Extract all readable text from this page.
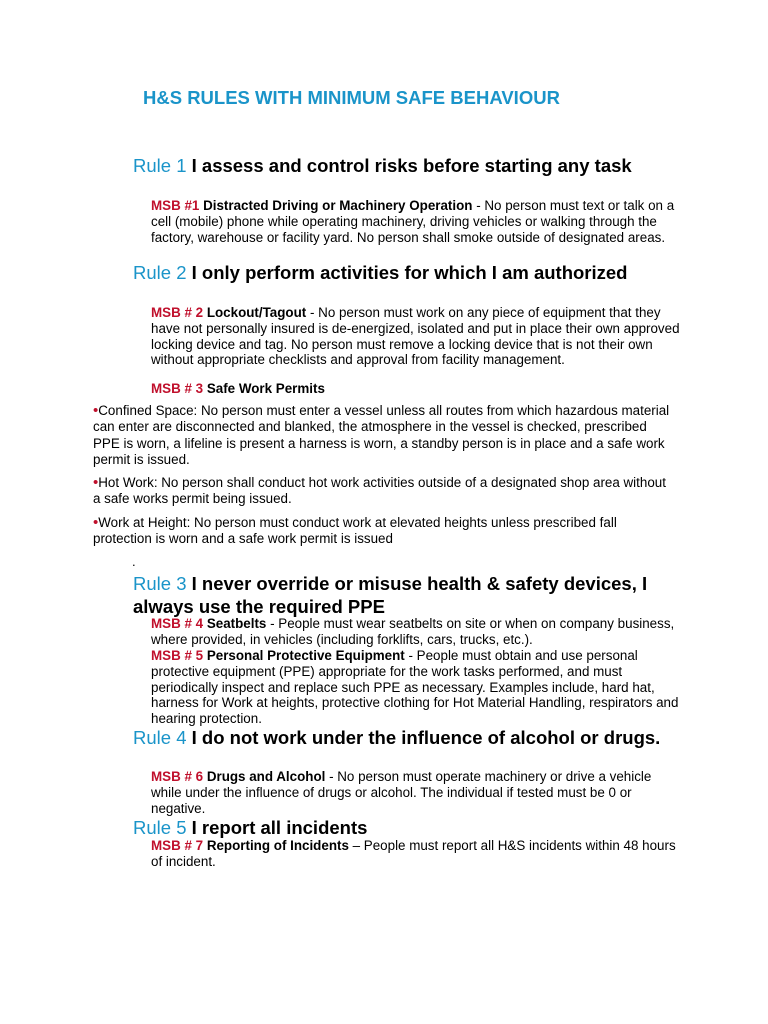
H&S RULES WITH MINIMUM SAFE BEHAVIOUR
Rule 1 I assess and control risks before starting any task
MSB #1 Distracted Driving or Machinery Operation - No person must text or talk on a cell (mobile) phone while operating machinery, driving vehicles or walking through the factory, warehouse or facility yard. No person shall smoke outside of designated areas.
Rule 2 I only perform activities for which I am authorized
MSB # 2 Lockout/Tagout - No person must work on any piece of equipment that they have not personally insured is de-energized, isolated and put in place their own approved locking device and tag. No person must remove a locking device that is not their own without appropriate checklists and approval from facility management.
MSB # 3 Safe Work Permits
•Confined Space: No person must enter a vessel unless all routes from which hazardous material can enter are disconnected and blanked, the atmosphere in the vessel is checked, prescribed PPE is worn, a lifeline is present a harness is worn, a standby person is in place and a safe work permit is issued.
•Hot Work: No person shall conduct hot work activities outside of a designated shop area without a safe works permit being issued.
•Work at Height: No person must conduct work at elevated heights unless prescribed fall protection is worn and a safe work permit is issued
.
Rule 3 I never override or misuse health & safety devices, I always use the required PPE
MSB # 4 Seatbelts - People must wear seatbelts on site or when on company business, where provided, in vehicles (including forklifts, cars, trucks, etc.).
MSB # 5 Personal Protective Equipment - People must obtain and use personal protective equipment (PPE) appropriate for the work tasks performed, and must periodically inspect and replace such PPE as necessary. Examples include, hard hat, harness for Work at heights, protective clothing for Hot Material Handling, respirators and hearing protection.
Rule 4 I do not work under the influence of alcohol or drugs.
MSB # 6 Drugs and Alcohol - No person must operate machinery or drive a vehicle while under the influence of drugs or alcohol. The individual if tested must be 0 or negative.
Rule 5 I report all incidents
MSB # 7 Reporting of Incidents – People must report all H&S incidents within 48 hours of incident.
